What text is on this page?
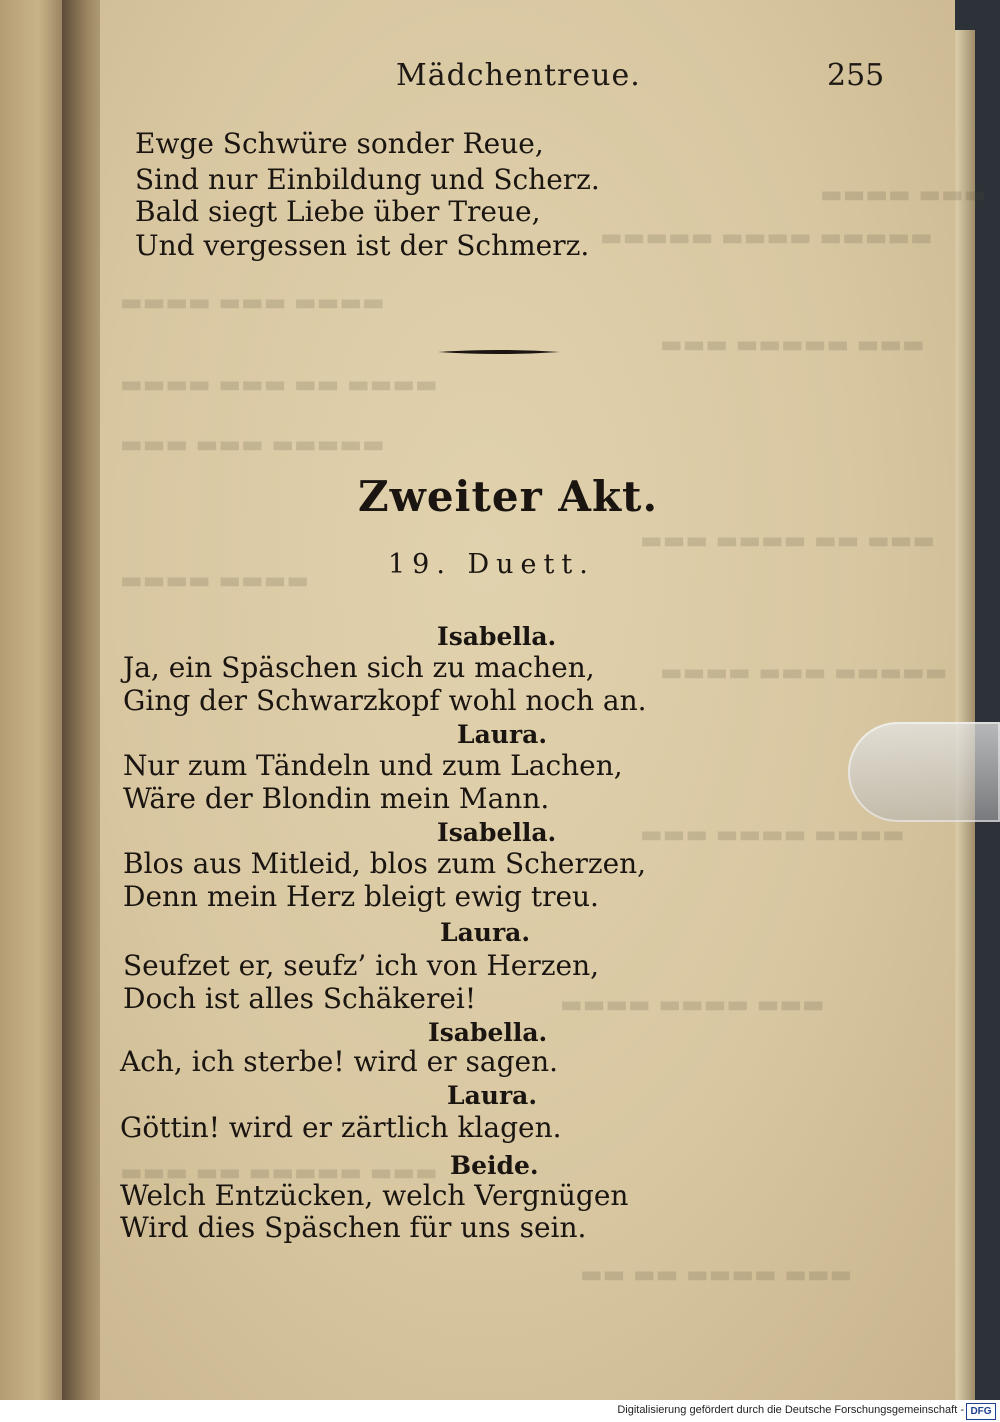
▬▬▬▬ ▬▬▬
▬▬▬▬▬ ▬▬▬▬ ▬▬▬▬▬
▬▬▬▬ ▬▬▬ ▬▬▬▬
▬▬▬ ▬▬▬▬▬ ▬▬▬
▬▬▬▬ ▬▬▬ ▬▬ ▬▬▬▬
▬▬▬ ▬▬▬ ▬▬▬▬▬
▬▬▬ ▬▬▬▬ ▬▬ ▬▬▬
▬▬▬▬ ▬▬▬▬
▬▬▬▬ ▬▬▬ ▬▬▬▬▬
▬▬▬ ▬▬▬▬ ▬▬▬▬
▬▬▬▬ ▬▬▬▬ ▬▬▬
▬▬▬ ▬▬ ▬▬▬▬▬ ▬▬▬
▬▬ ▬▬ ▬▬▬▬ ▬▬▬
Mädchentreue.	255
Ewge Schwüre sonder Reue,
Sind nur Einbildung und Scherz.
Bald siegt Liebe über Treue,
Und vergessen ist der Schmerz.
Zweiter Akt.
19. Duett.
Isabella.
Ja, ein Späschen sich zu machen,
Ging der Schwarzkopf wohl noch an.
Laura.
Nur zum Tändeln und zum Lachen,
Wäre der Blondin mein Mann.
Isabella.
Blos aus Mitleid, blos zum Scherzen,
Denn mein Herz bleigt ewig treu.
Laura.
Seufzet er, seufz’ ich von Herzen,
Doch ist alles Schäkerei!
Isabella.
Ach, ich sterbe! wird er sagen.
Laura.
Göttin! wird er zärtlich klagen.
Beide.
Welch Entzücken, welch Vergnügen
Wird dies Späschen für uns sein.
Digitalisierung gefördert durch die Deutsche Forschungsgemeinschaft - DFG
